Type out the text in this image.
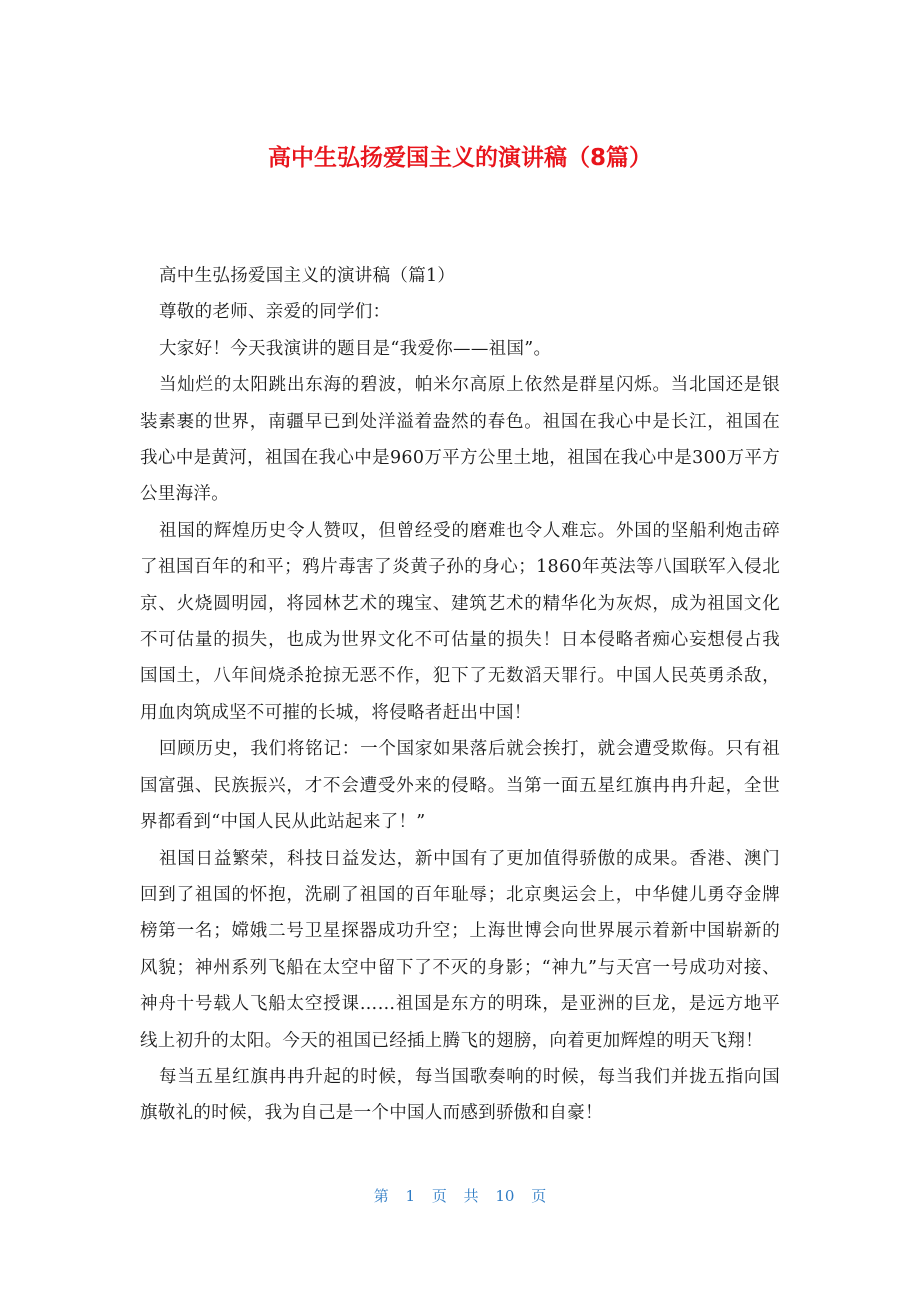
高中生弘扬爱国主义的演讲稿（8篇）

高中生弘扬爱国主义的演讲稿（篇1）

尊敬的老师、亲爱的同学们：

大家好！今天我演讲的题目是“我爱你——祖国”。

当灿烂的太阳跳出东海的碧波，帕米尔高原上依然是群星闪烁。当北国还是银装素裹的世界，南疆早已到处洋溢着盎然的春色。祖国在我心中是长江，祖国在我心中是黄河，祖国在我心中是960万平方公里土地，祖国在我心中是300万平方公里海洋。

祖国的辉煌历史令人赞叹，但曾经受的磨难也令人难忘。外国的坚船利炮击碎了祖国百年的和平；鸦片毒害了炎黄子孙的身心；1860年英法等八国联军入侵北京、火烧圆明园，将园林艺术的瑰宝、建筑艺术的精华化为灰烬，成为祖国文化不可估量的损失，也成为世界文化不可估量的损失！日本侵略者痴心妄想侵占我国国土，八年间烧杀抢掠无恶不作，犯下了无数滔天罪行。中国人民英勇杀敌，用血肉筑成坚不可摧的长城，将侵略者赶出中国！

回顾历史，我们将铭记：一个国家如果落后就会挨打，就会遭受欺侮。只有祖国富强、民族振兴，才不会遭受外来的侵略。当第一面五星红旗冉冉升起，全世界都看到“中国人民从此站起来了！”

祖国日益繁荣，科技日益发达，新中国有了更加值得骄傲的成果。香港、澳门回到了祖国的怀抱，洗刷了祖国的百年耻辱；北京奥运会上，中华健儿勇夺金牌榜第一名；嫦娥二号卫星探器成功升空；上海世博会向世界展示着新中国崭新的风貌；神州系列飞船在太空中留下了不灭的身影；“神九”与天宫一号成功对接、神舟十号载人飞船太空授课……祖国是东方的明珠，是亚洲的巨龙，是远方地平线上初升的太阳。今天的祖国已经插上腾飞的翅膀，向着更加辉煌的明天飞翔！

每当五星红旗冉冉升起的时候，每当国歌奏响的时候，每当我们并拢五指向国旗敬礼的时候，我为自己是一个中国人而感到骄傲和自豪！

第 1 页 共 10 页
